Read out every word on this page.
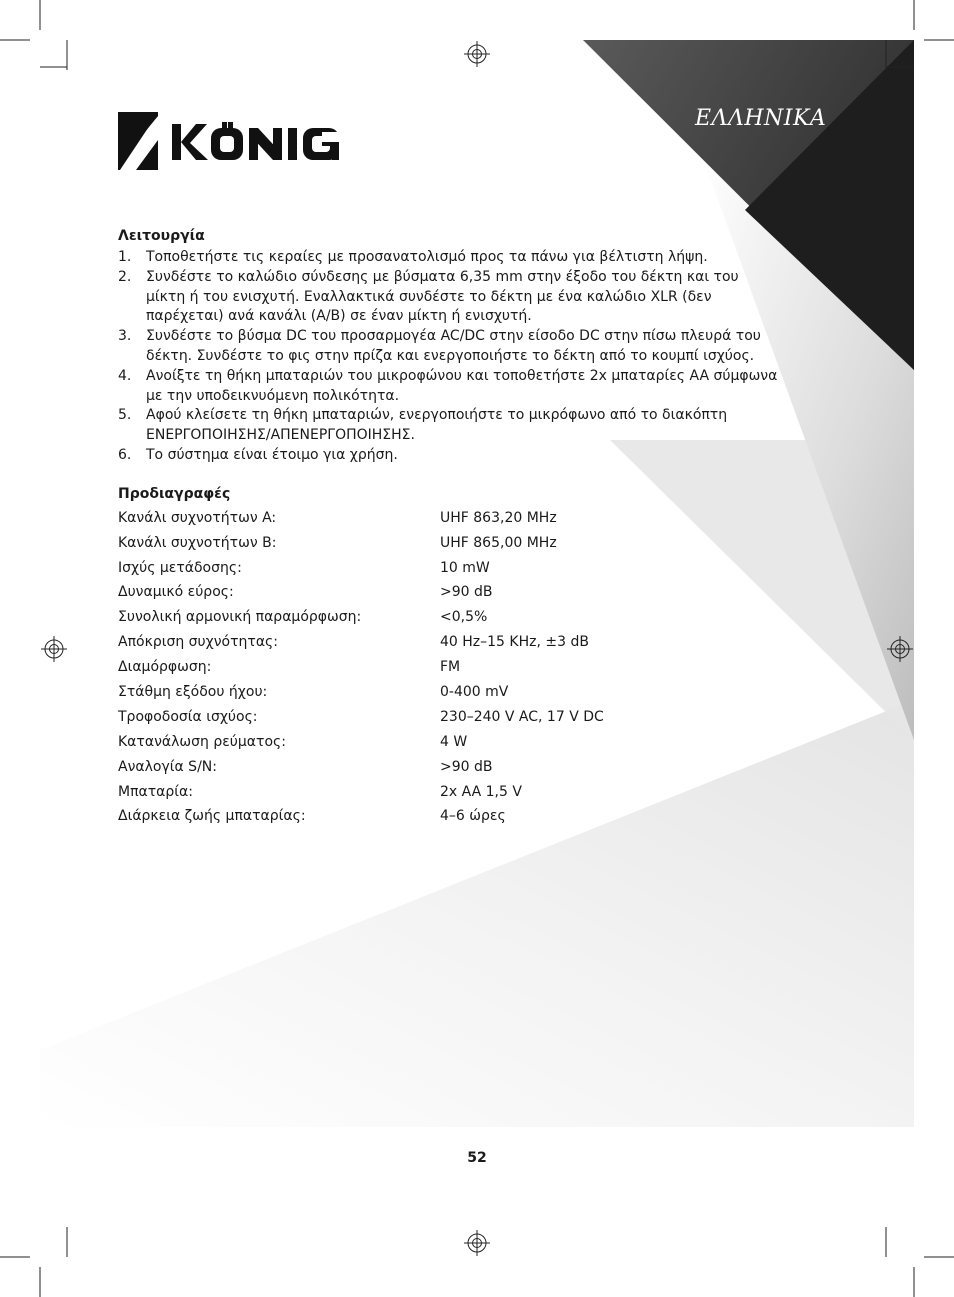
ΕΛΛΗΝΙΚΑ

Λειτουργία

1. Τοποθετήστε τις κεραίες με προσανατολισμό προς τα πάνω για βέλτιστη λήψη.
2. Συνδέστε το καλώδιο σύνδεσης με βύσματα 6,35 mm στην έξοδο του δέκτη και του μίκτη ή του ενισχυτή. Εναλλακτικά συνδέστε το δέκτη με ένα καλώδιο XLR (δεν παρέχεται) ανά κανάλι (A/B) σε έναν μίκτη ή ενισχυτή.
3. Συνδέστε το βύσμα DC του προσαρμογέα AC/DC στην είσοδο DC στην πίσω πλευρά του δέκτη. Συνδέστε το φις στην πρίζα και ενεργοποιήστε το δέκτη από το κουμπί ισχύος.
4. Ανοίξτε τη θήκη μπαταριών του μικροφώνου και τοποθετήστε 2x μπαταρίες AA σύμφωνα με την υποδεικνυόμενη πολικότητα.
5. Αφού κλείσετε τη θήκη μπαταριών, ενεργοποιήστε το μικρόφωνο από το διακόπτη ΕΝΕΡΓΟΠΟΙΗΣΗΣ/ΑΠΕΝΕΡΓΟΠΟΙΗΣΗΣ.
6. Το σύστημα είναι έτοιμο για χρήση.

Προδιαγραφές

Κανάλι συχνοτήτων A:	UHF 863,20 MHz
Κανάλι συχνοτήτων B:	UHF 865,00 MHz
Ισχύς μετάδοσης:	10 mW
Δυναμικό εύρος:	>90 dB
Συνολική αρμονική παραμόρφωση:	<0,5%
Απόκριση συχνότητας:	40 Hz–15 KHz, ±3 dB
Διαμόρφωση:	FM
Στάθμη εξόδου ήχου:	0-400 mV
Τροφοδοσία ισχύος:	230–240 V AC, 17 V DC
Κατανάλωση ρεύματος:	4 W
Αναλογία S/N:	>90 dB
Μπαταρία:	2x AA 1,5 V
Διάρκεια ζωής μπαταρίας:	4–6 ώρες
52
